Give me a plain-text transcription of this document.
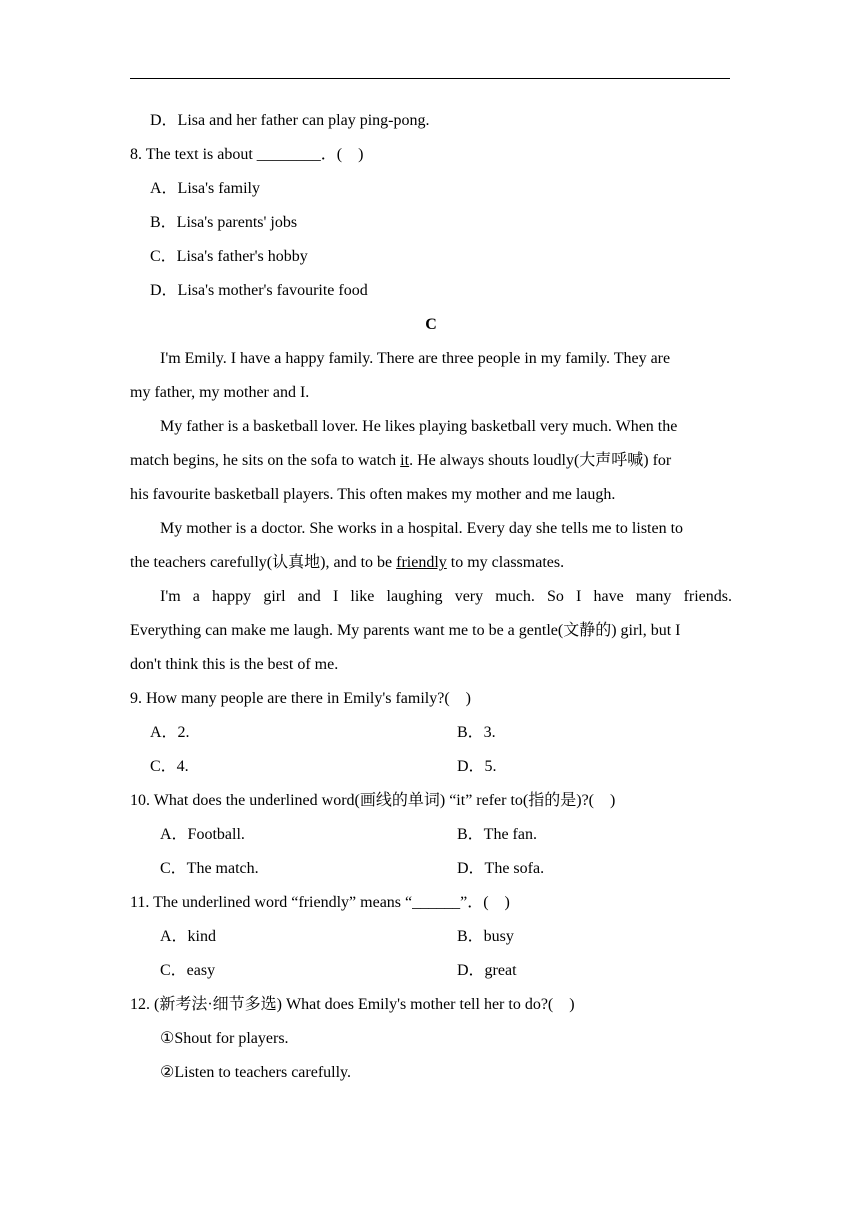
D．Lisa and her father can play ping-pong.
8. The text is about ________．(　)
A．Lisa's family
B．Lisa's parents' jobs
C．Lisa's father's hobby
D．Lisa's mother's favourite food
C
I'm Emily. I have a happy family. There are three people in my family. They are
my father, my mother and I.
My father is a basketball lover. He likes playing basketball very much. When the
match begins, he sits on the sofa to watch it. He always shouts loudly(大声呼喊) for
his favourite basketball players. This often makes my mother and me laugh.
My mother is a doctor. She works in a hospital. Every day she tells me to listen to
the teachers carefully(认真地), and to be friendly to my classmates.
I'm a happy girl and I like laughing very much. So I have many friends.
Everything can make me laugh. My parents want me to be a gentle(文静的) girl, but I
don't think this is the best of me.
9. How many people are there in Emily's family?(　)
A．2.	B．3.
C．4.	D．5.
10. What does the underlined word(画线的单词) “it” refer to(指的是)?(　)
A．Football.	B．The fan.
C．The match.	D．The sofa.
11. The underlined word “friendly” means “______”．(　)
A．kind	B．busy
C．easy	D．great
12. (新考法·细节多选) What does Emily's mother tell her to do?(　)
①Shout for players.
②Listen to teachers carefully.
